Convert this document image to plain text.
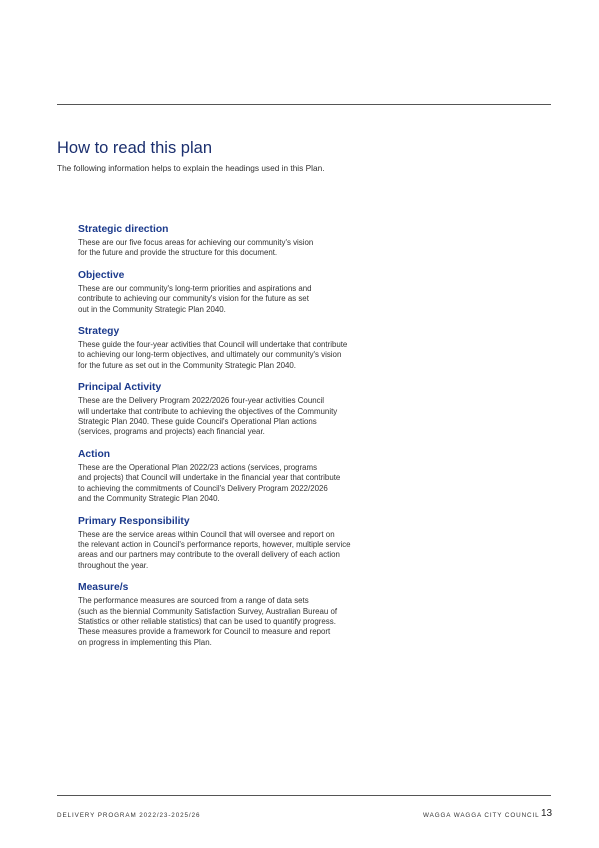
How to read this plan

The following information helps to explain the headings used in this Plan.

Strategic direction
These are our five focus areas for achieving our community's vision
for the future and provide the structure for this document.
Objective
These are our community's long-term priorities and aspirations and
contribute to achieving our community's vision for the future as set
out in the Community Strategic Plan 2040.
Strategy
These guide the four-year activities that Council will undertake that contribute
to achieving our long-term objectives, and ultimately our community's vision
for the future as set out in the Community Strategic Plan 2040.
Principal Activity
These are the Delivery Program 2022/2026 four-year activities Council
will undertake that contribute to achieving the objectives of the Community
Strategic Plan 2040. These guide Council's Operational Plan actions
(services, programs and projects) each financial year.
Action
These are the Operational Plan 2022/23 actions (services, programs
and projects) that Council will undertake in the financial year that contribute
to achieving the commitments of Council's Delivery Program 2022/2026
and the Community Strategic Plan 2040.
Primary Responsibility
These are the service areas within Council that will oversee and report on
the relevant action in Council's performance reports, however, multiple service
areas and our partners may contribute to the overall delivery of each action
throughout the year.
Measure/s
The performance measures are sourced from a range of data sets
(such as the biennial Community Satisfaction Survey, Australian Bureau of
Statistics or other reliable statistics) that can be used to quantify progress.
These measures provide a framework for Council to measure and report
on progress in implementing this Plan.
DELIVERY PROGRAM 2022/23-2025/26	WAGGA WAGGA CITY COUNCIL 13
